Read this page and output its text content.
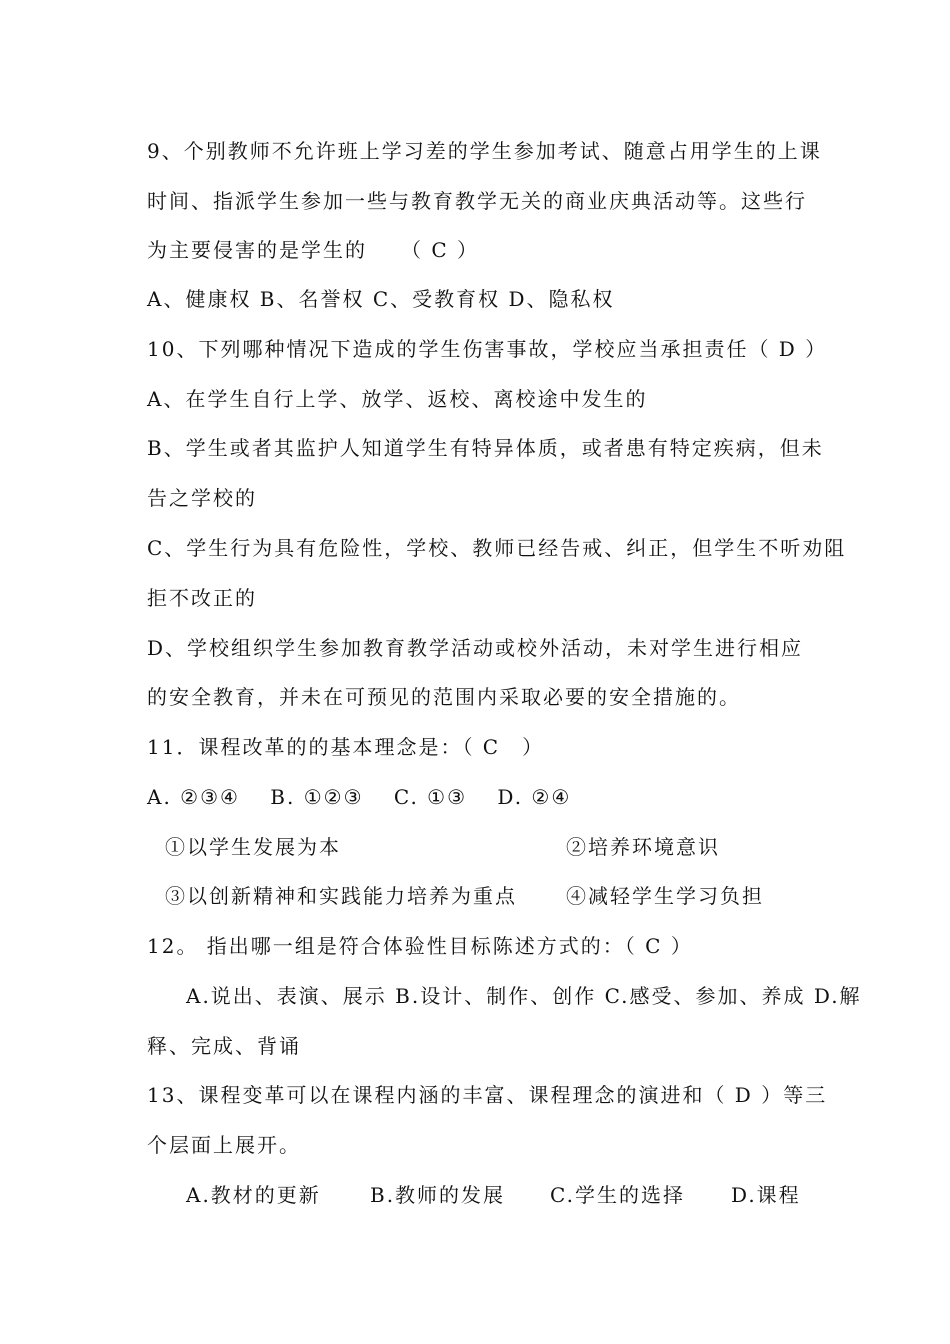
9、个别教师不允许班上学习差的学生参加考试、随意占用学生的上课
时间、指派学生参加一些与教育教学无关的商业庆典活动等。这些行
为主要侵害的是学生的　　（ C ）
A、健康权 B、名誉权 C、受教育权 D、隐私权
10、下列哪种情况下造成的学生伤害事故，学校应当承担责任（ D ）
A、在学生自行上学、放学、返校、离校途中发生的
B、学生或者其监护人知道学生有特异体质，或者患有特定疾病，但未
告之学校的
C、学生行为具有危险性，学校、教师已经告戒、纠正，但学生不听劝阻
拒不改正的
D、学校组织学生参加教育教学活动或校外活动，未对学生进行相应
的安全教育，并未在可预见的范围内采取必要的安全措施的。
11．课程改革的的基本理念是：（ C　）
A. ②③④　 B. ①②③　 C. ①③　 D. ②④
①以学生发展为本	②培养环境意识
③以创新精神和实践能力培养为重点 ④减轻学生学习负担
12。 指出哪一组是符合体验性目标陈述方式的：（ C ）
A.说出、表演、展示 B.设计、制作、创作 C.感受、参加、养成 D.解
释、完成、背诵
13、课程变革可以在课程内涵的丰富、课程理念的演进和（ D ）等三
个层面上展开。
A.教材的更新 B.教师的发展 C.学生的选择 D.课程
